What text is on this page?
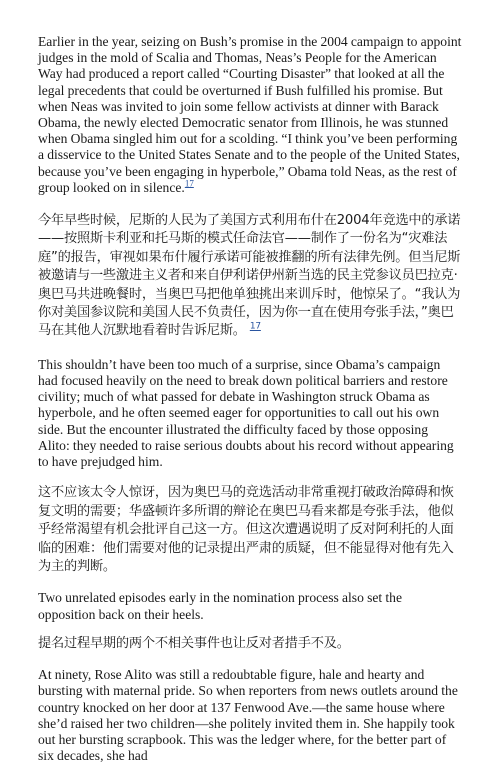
Earlier in the year, seizing on Bush’s promise in the 2004 campaign to appoint judges in the mold of Scalia and Thomas, Neas’s People for the American Way had produced a report called “Courting Disaster” that looked at all the legal precedents that could be overturned if Bush fulfilled his promise. But when Neas was invited to join some fellow activists at dinner with Barack Obama, the newly elected Democratic senator from Illinois, he was stunned when Obama singled him out for a scolding. “I think you’ve been performing a disservice to the United States Senate and to the people of the United States, because you’ve been engaging in hyperbole,” Obama told Neas, as the rest of group looked on in silence.$^{17}$

今年早些时候，尼斯的人民为了美国方式利用布什在2004年竞选中的承诺——按照斯卡利亚和托马斯的模式任命法官——制作了一份名为“灾难法庭”的报告，审视如果布什履行承诺可能被推翻的所有法律先例。但当尼斯被邀请与一些激进主义者和来自伊利诺伊州新当选的民主党参议员巴拉克·奥巴马共进晚餐时，当奥巴马把他单独挑出来训斥时，他惊呆了。“我认为你对美国参议院和美国人民不负责任，因为你一直在使用夸张手法，”奥巴马在其他人沉默地看着时告诉尼斯。 $^{17}$

This shouldn’t have been too much of a surprise, since Obama’s campaign had focused heavily on the need to break down political barriers and restore civility; much of what passed for debate in Washington struck Obama as hyperbole, and he often seemed eager for opportunities to call out his own side. But the encounter illustrated the difficulty faced by those opposing Alito: they needed to raise serious doubts about his record without appearing to have prejudged him.

这不应该太令人惊讶，因为奥巴马的竞选活动非常重视打破政治障碍和恢复文明的需要；华盛顿许多所谓的辩论在奥巴马看来都是夸张手法，他似乎经常渴望有机会批评自己这一方。但这次遭遇说明了反对阿利托的人面临的困难：他们需要对他的记录提出严肃的质疑，但不能显得对他有先入为主的判断。

Two unrelated episodes early in the nomination process also set the opposition back on their heels.

提名过程早期的两个不相关事件也让反对者措手不及。

At ninety, Rose Alito was still a redoubtable figure, hale and hearty and bursting with maternal pride. So when reporters from news outlets around the country knocked on her door at 137 Fenwood Ave.—the same house where she’d raised her two children—she politely invited them in. She happily took out her bursting scrapbook. This was the ledger where, for the better part of six decades, she had
